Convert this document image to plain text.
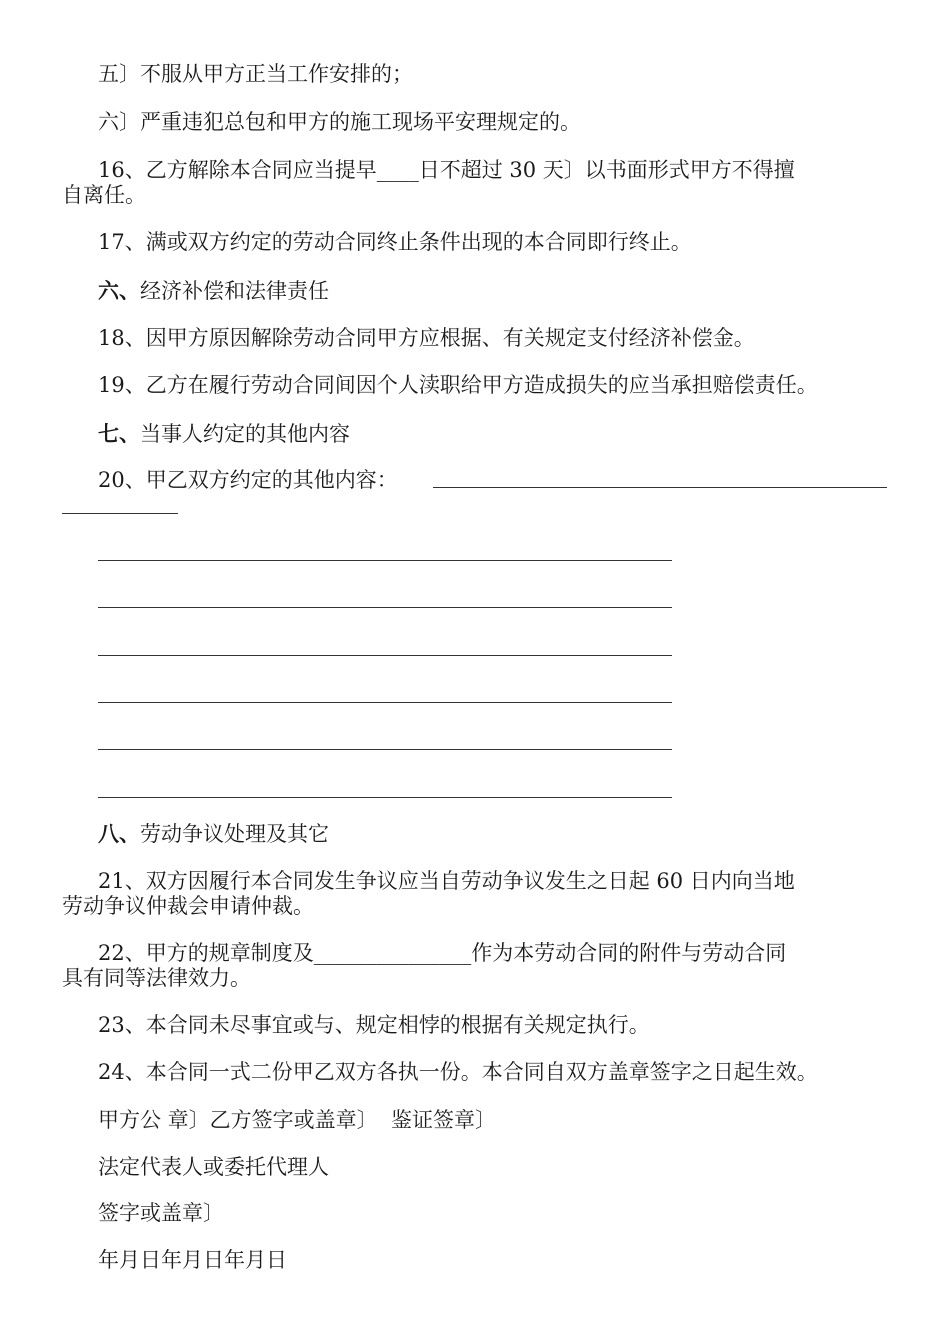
五〕不服从甲方正当工作安排的；
六〕严重违犯总包和甲方的施工现场平安理规定的。
16、乙方解除本合同应当提早____日不超过 30 天〕以书面形式甲方不得擅
自离任。
17、满或双方约定的劳动合同终止条件出现的本合同即行终止。
六、经济补偿和法律责任
18、因甲方原因解除劳动合同甲方应根据、有关规定支付经济补偿金。
19、乙方在履行劳动合同间因个人渎职给甲方造成损失的应当承担赔偿责任。
七、当事人约定的其他内容
20、甲乙双方约定的其他内容：
八、劳动争议处理及其它
21、双方因履行本合同发生争议应当自劳动争议发生之日起 60 日内向当地
劳动争议仲裁会申请仲裁。
22、甲方的规章制度及_______________作为本劳动合同的附件与劳动合同
具有同等法律效力。
23、本合同未尽事宜或与、规定相悖的根据有关规定执行。
24、本合同一式二份甲乙双方各执一份。本合同自双方盖章签字之日起生效。
甲方公 章〕乙方签字或盖章〕  鉴证签章〕
法定代表人或委托代理人
签字或盖章〕
年月日年月日年月日
